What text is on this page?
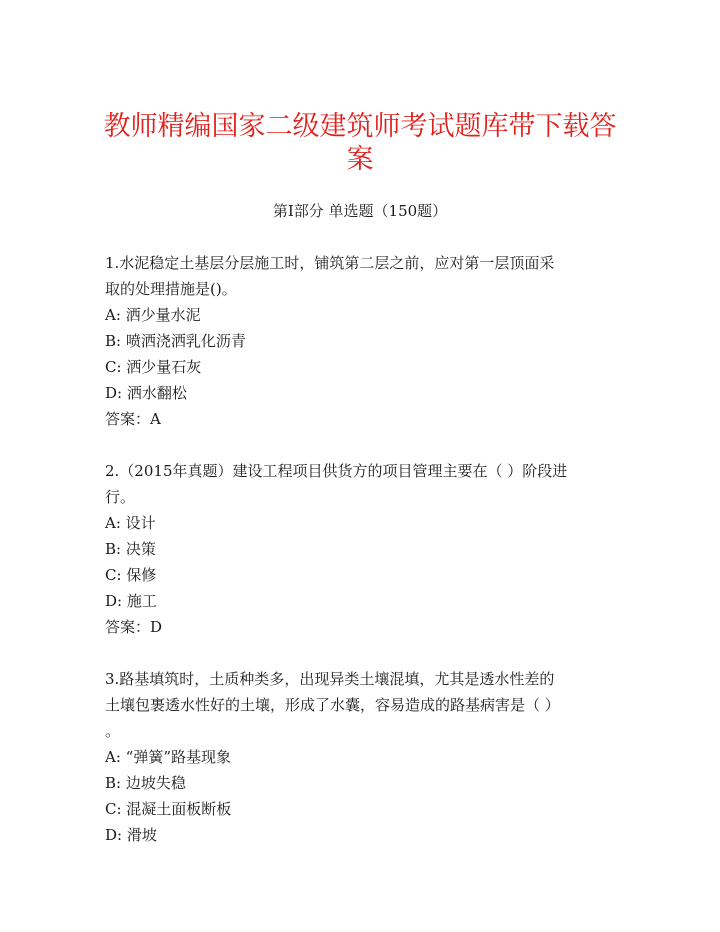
教师精编国家二级建筑师考试题库带下载答
案
第Ⅰ部分 单选题（150题）

1.水泥稳定土基层分层施工时，铺筑第二层之前，应对第一层顶面采

取的处理措施是()。

A: 洒少量水泥

B: 喷洒浇洒乳化沥青

C: 洒少量石灰

D: 洒水翻松

答案：A

2.（2015年真题）建设工程项目供货方的项目管理主要在（ ）阶段进

行。

A: 设计

B: 决策

C: 保修

D: 施工

答案：D

3.路基填筑时，土质种类多，出现异类土壤混填，尤其是透水性差的

土壤包裹透水性好的土壤，形成了水囊，容易造成的路基病害是（ ）

。

A: “弹簧”路基现象

B: 边坡失稳

C: 混凝土面板断板

D: 滑坡
